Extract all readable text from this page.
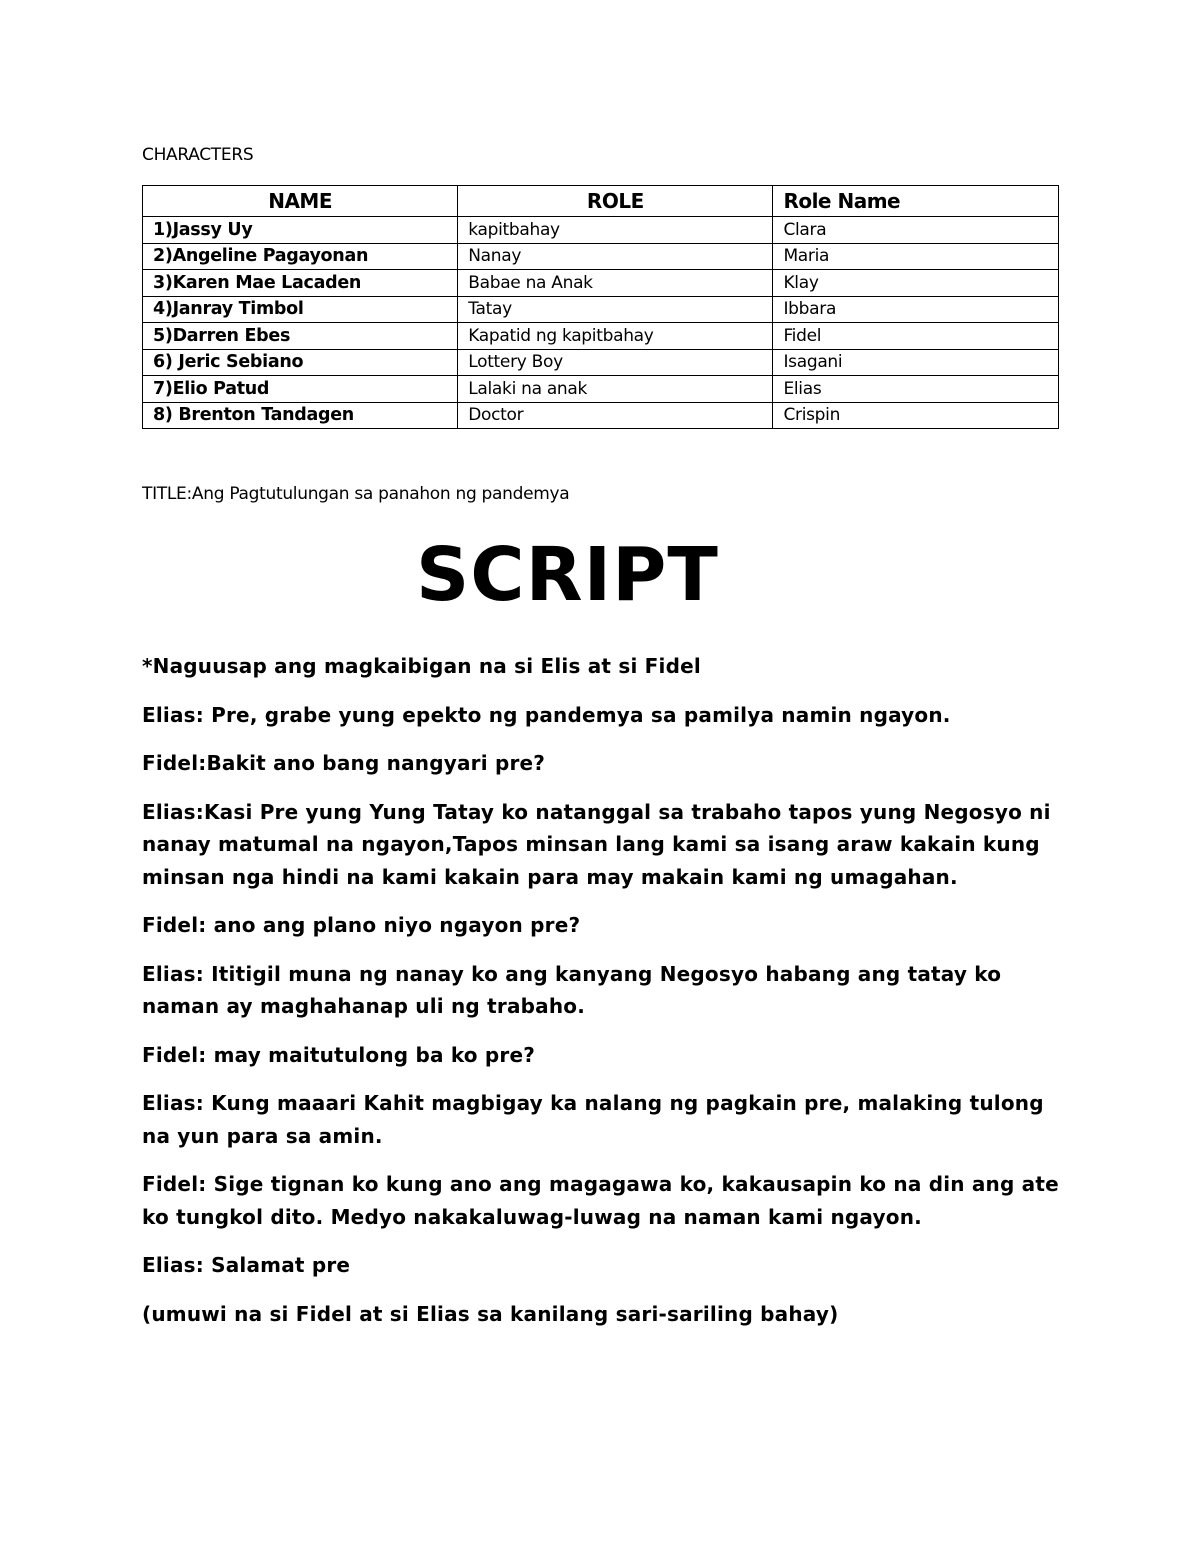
CHARACTERS
NAME	ROLE	Role Name
1)Jassy Uy	kapitbahay	Clara
2)Angeline Pagayonan	Nanay	Maria
3)Karen Mae Lacaden	Babae na Anak	Klay
4)Janray Timbol	Tatay	Ibbara
5)Darren Ebes	Kapatid ng kapitbahay	Fidel
6) Jeric Sebiano	Lottery Boy	Isagani
7)Elio Patud	Lalaki na anak	Elias
8) Brenton Tandagen	Doctor	Crispin
TITLE:Ang Pagtutulungan sa panahon ng pandemya
SCRIPT

*Naguusap ang magkaibigan na si Elis at si Fidel

Elias: Pre, grabe yung epekto ng pandemya sa pamilya namin ngayon.

Fidel:Bakit ano bang nangyari pre?

Elias:Kasi Pre yung Yung Tatay ko natanggal sa trabaho tapos yung Negosyo ni nanay matumal na ngayon,Tapos minsan lang kami sa isang araw kakain kung minsan nga hindi na kami kakain para may makain kami ng umagahan.

Fidel: ano ang plano niyo ngayon pre?

Elias: Ititigil muna ng nanay ko ang kanyang Negosyo habang ang tatay ko naman ay maghahanap uli ng trabaho.

Fidel: may maitutulong ba ko pre?

Elias: Kung maaari Kahit magbigay ka nalang ng pagkain pre, malaking tulong na yun para sa amin.

Fidel: Sige tignan ko kung ano ang magagawa ko, kakausapin ko na din ang ate ko tungkol dito. Medyo nakakaluwag-luwag na naman kami ngayon.

Elias: Salamat pre

(umuwi na si Fidel at si Elias sa kanilang sari-sariling bahay)
